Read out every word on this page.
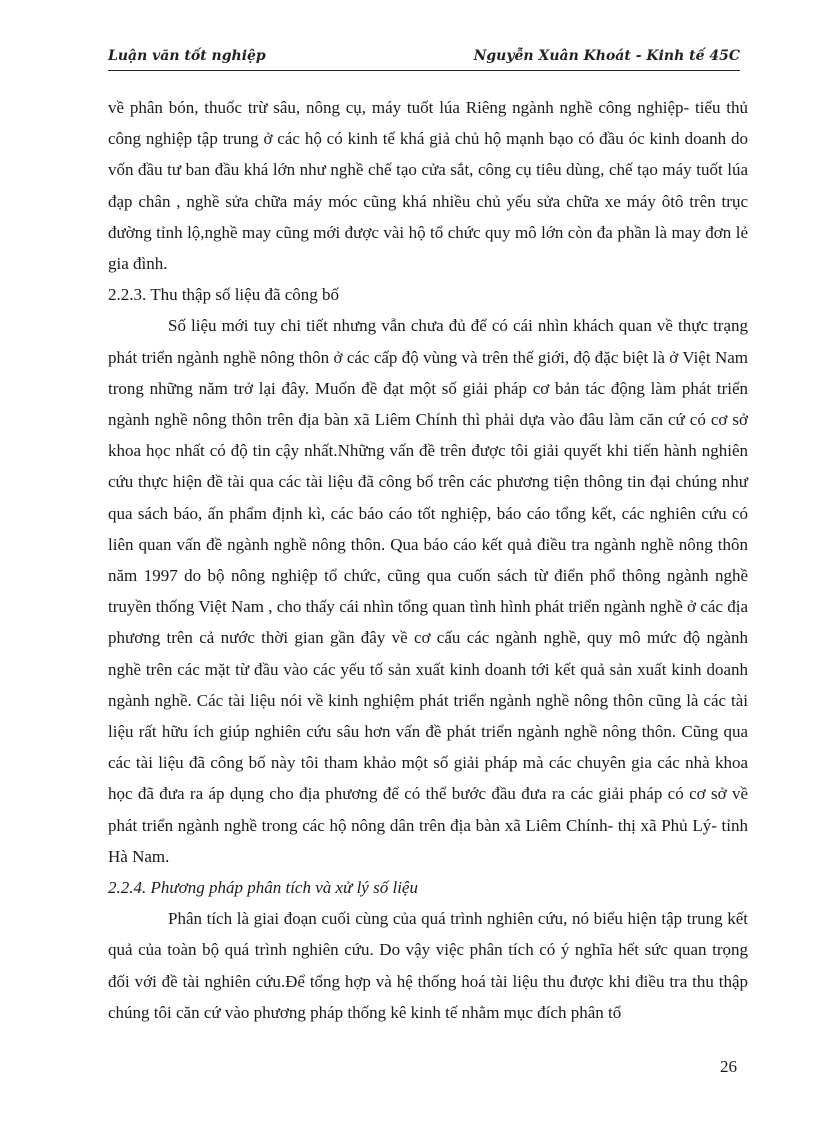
Luận văn tốt nghiệp	Nguyễn Xuân Khoát - Kinh tế 45C

về phân bón, thuốc trừ sâu, nông cụ, máy tuốt lúa Riêng ngành nghề công nghiệp- tiểu thủ công nghiệp tập trung ở các hộ có kinh tế khá giả chủ hộ mạnh bạo có đầu óc kinh doanh do vốn đầu tư ban đầu khá lớn như nghề chế tạo cửa sắt, công cụ tiêu dùng, chế tạo máy tuốt lúa đạp chân , nghề sửa chữa máy móc cũng khá nhiều chủ yếu sửa chữa xe máy ôtô trên trục đường tỉnh lộ,nghề may cũng mới được vài hộ tổ chức quy mô lớn còn đa phần là may đơn lẻ gia đình.

2.2.3. Thu thập số liệu đã công bố

Số liệu mới tuy chi tiết nhưng vẫn chưa đủ để có cái nhìn khách quan về thực trạng phát triển ngành nghề nông thôn ở các cấp độ vùng và trên thế giới, độ đặc biệt là ở Việt Nam trong những năm trở lại đây. Muốn đề đạt một số giải pháp cơ bản tác động làm phát triển ngành nghề nông thôn trên địa bàn xã Liêm Chính thì phải dựa vào đâu làm căn cứ có cơ sở khoa học nhất có độ tin cậy nhất.Những vấn đề trên được tôi giải quyết khi tiến hành nghiên cứu thực hiện đề tài qua các tài liệu đã công bố trên các phương tiện thông tin đại chúng như qua sách báo, ấn phẩm định kì, các báo cáo tốt nghiệp, báo cáo tổng kết, các nghiên cứu có liên quan vấn đề ngành nghề nông thôn. Qua báo cáo kết quả điều tra ngành nghề nông thôn năm 1997 do bộ nông nghiệp tổ chức, cũng qua cuốn sách từ điển phổ thông ngành nghề truyền thống Việt Nam , cho thấy cái nhìn tổng quan tình hình phát triển ngành nghề ở các địa phương trên cả nước thời gian gần đây về cơ cấu các ngành nghề, quy mô mức độ ngành nghề trên các mặt từ đầu vào các yếu tố sản xuất kinh doanh tới kết quả sản xuất kinh doanh ngành nghề. Các tài liệu nói về kinh nghiệm phát triển ngành nghề nông thôn cũng là các tài liệu rất hữu ích giúp nghiên cứu sâu hơn vấn đề phát triển ngành nghề nông thôn. Cũng qua các tài liệu đã công bố này tôi tham khảo một số giải pháp mà các chuyên gia các nhà khoa học đã đưa ra áp dụng cho địa phương để có thể bước đầu đưa ra các giải pháp có cơ sở về phát triển ngành nghề trong các hộ nông dân trên địa bàn xã Liêm Chính- thị xã Phủ Lý- tỉnh Hà Nam.

2.2.4. Phương pháp phân tích và xử lý số liệu

Phân tích là giai đoạn cuối cùng của quá trình nghiên cứu, nó biểu hiện tập trung kết quả của toàn bộ quá trình nghiên cứu. Do vậy việc phân tích có ý nghĩa hết sức quan trọng đối với đề tài nghiên cứu.Để tổng hợp và hệ thống hoá tài liệu thu được khi điều tra thu thập chúng tôi căn cứ vào phương pháp thống kê kinh tế nhằm mục đích phân tổ

26
